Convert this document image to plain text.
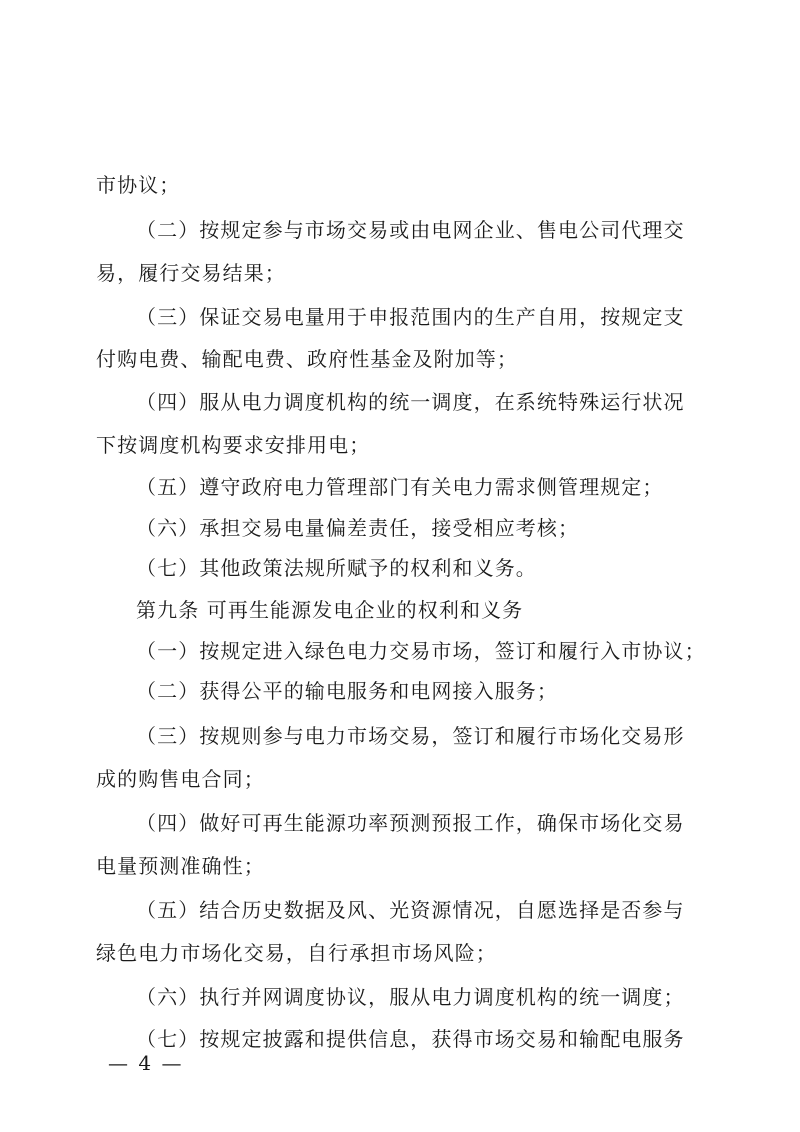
市协议；
（二）按规定参与市场交易或由电网企业、售电公司代理交
易，履行交易结果；
（三）保证交易电量用于申报范围内的生产自用，按规定支
付购电费、输配电费、政府性基金及附加等；
（四）服从电力调度机构的统一调度，在系统特殊运行状况
下按调度机构要求安排用电；
（五）遵守政府电力管理部门有关电力需求侧管理规定；
（六）承担交易电量偏差责任，接受相应考核；
（七）其他政策法规所赋予的权利和义务。
第九条 可再生能源发电企业的权利和义务
（一）按规定进入绿色电力交易市场，签订和履行入市协议；
（二）获得公平的输电服务和电网接入服务；
（三）按规则参与电力市场交易，签订和履行市场化交易形
成的购售电合同；
（四）做好可再生能源功率预测预报工作，确保市场化交易
电量预测准确性；
（五）结合历史数据及风、光资源情况，自愿选择是否参与
绿色电力市场化交易，自行承担市场风险；
（六）执行并网调度协议，服从电力调度机构的统一调度；
（七）按规定披露和提供信息，获得市场交易和输配电服务
— 4 —
